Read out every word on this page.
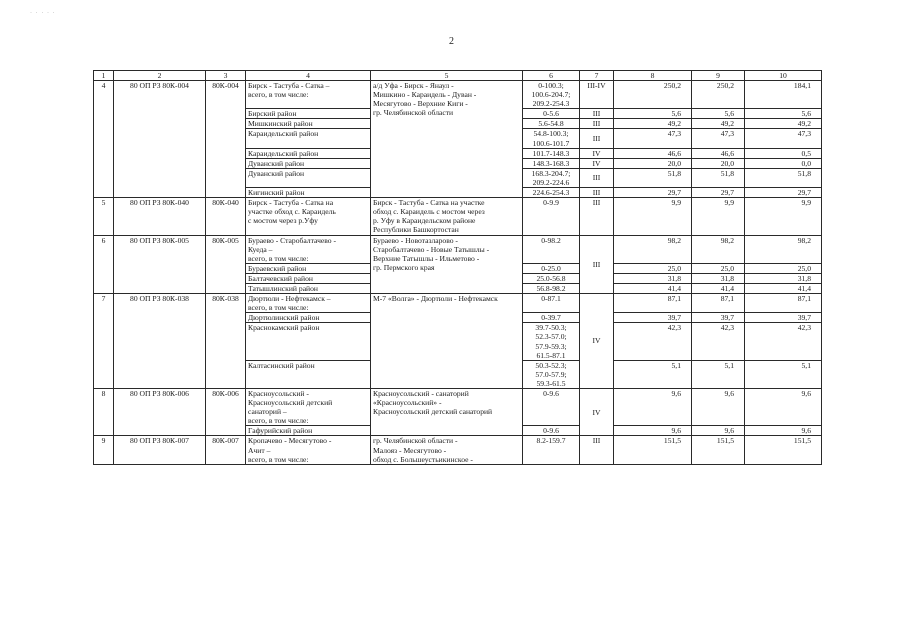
· · · · ·
2
1	2	3	4	5	6	7	8	9	10
4	80 ОП РЗ 80К-004	80К-004	Бирск - Тастуба - Сатка –
всего, в том числе:	а/д Уфа - Бирск - Янаул -
Мишкино - Караидель - Дуван -
Месягутово - Верхние Киги -
гр. Челябинской области	0-100.3;
100.6-204.7;
209.2-254.3	III-IV	250,2	250,2	184,1
			Бирский район		0-5.6	III	5,6	5,6	5,6
			Мишкинский район		5.6-54.8	III	49,2	49,2	49,2
			Караидельский район		54.8-100.3;
100.6-101.7	III	47,3	47,3	47,3
			Караидельский район		101.7-148.3	IV	46,6	46,6	0,5
			Дуванский район		148.3-168.3	IV	20,0	20,0	0,0
			Дуванский район		168.3-204.7;
209.2-224.6	III	51,8	51,8	51,8
			Кигинский район		224.6-254.3	III	29,7	29,7	29,7
5	80 ОП РЗ 80К-040	80К-040	Бирск - Тастуба - Сатка на
участке обход с. Караидель
с мостом через р.Уфу	Бирск - Тастуба - Сатка на участке
обход с. Караидель с мостом через
р. Уфу в Караидельском районе
Республики Башкортостан	0-9.9	III	9,9	9,9	9,9
6	80 ОП РЗ 80К-005	80К-005	Бураево - Старобалтачево -
Куеда –
всего, в том числе:	Бураево - Новотазларово -
Старобалтачево - Новые Татышлы -
Верхние Татышлы - Ильметово -
гр. Пермского края	0-98.2	III	98,2	98,2	98,2
			Бураевский район		0-25.0		25,0	25,0	25,0
			Балтачевский район		25.0-56.8		31,8	31,8	31,8
			Татышлинский район		56.8-98.2		41,4	41,4	41,4
7	80 ОП РЗ 80К-038	80К-038	Дюртюли - Нефтекамск –
всего, в том числе:	М-7 «Волга» - Дюртюли - Нефтекамск	0-87.1	IV	87,1	87,1	87,1
			Дюртюлинский район		0-39.7		39,7	39,7	39,7
			Краснокамский район		39.7-50.3;
52.3-57.0;
57.9-59.3;
61.5-87.1		42,3	42,3	42,3
			Калтасинский район		50.3-52.3;
57.0-57.9;
59.3-61.5		5,1	5,1	5,1
8	80 ОП РЗ 80К-006	80К-006	Красноусольский -
Красноусольский детский
санаторий –
всего, в том числе:	Красноусольский - санаторий
«Красноусольский» -
Красноусольский детский санаторий	0-9.6	IV	9,6	9,6	9,6
			Гафурийский район		0-9.6		9,6	9,6	9,6
9	80 ОП РЗ 80К-007	80К-007	Кропачево - Месягутово -
Ачит –
всего, в том числе:	гр. Челябинской области -
Малояз - Месягутово -
обход с. Большеустьикинское -	8.2-159.7	III	151,5	151,5	151,5
